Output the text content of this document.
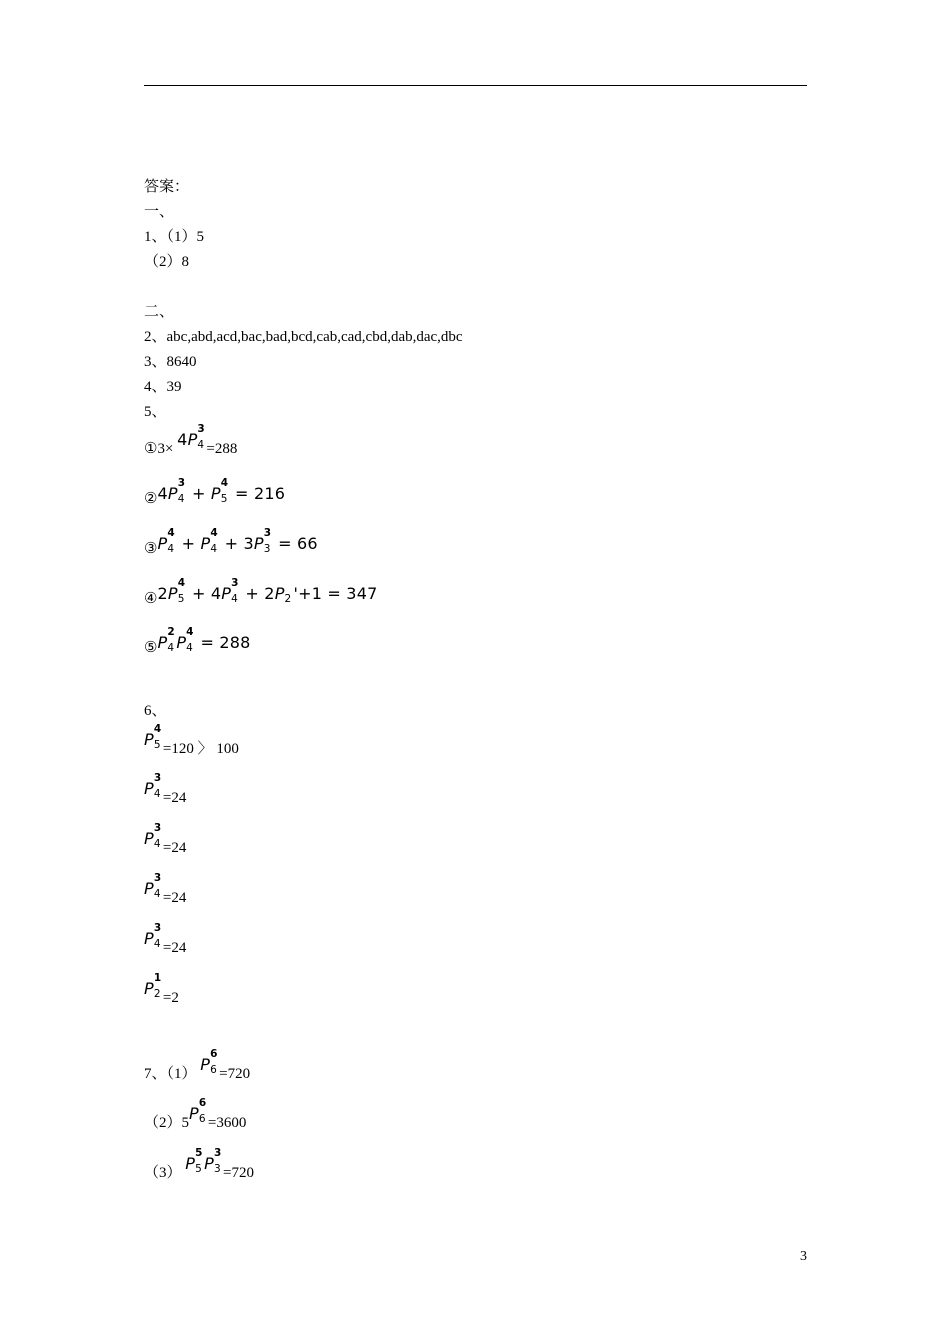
答案：
一、
1、（1）5
（2）8
二、
2、abc,abd,acd,bac,bad,bcd,cab,cad,cbd,dab,dac,dbc
3、8640
4、39
5、
①3× 4P
3
4 =288
②4P
3
4 + P
4
5 = 216
③P
4
4 + P
4
4 + 3P
3
3 = 66
④2P
4
5 + 4P
3
4 + 2P 2 '+1 = 347
⑤P
2
4 P
4
4 = 288
6、
P
4
5 =120 〉 100
P
3
4 =24
P
3
4 =24
P
3
4 =24
P
3
4 =24
P
1
2 =2
7、（1） P
6
6 =720
（2）5P
6
6 =3600
（3） P
5
5 P
3
3 =720
3
